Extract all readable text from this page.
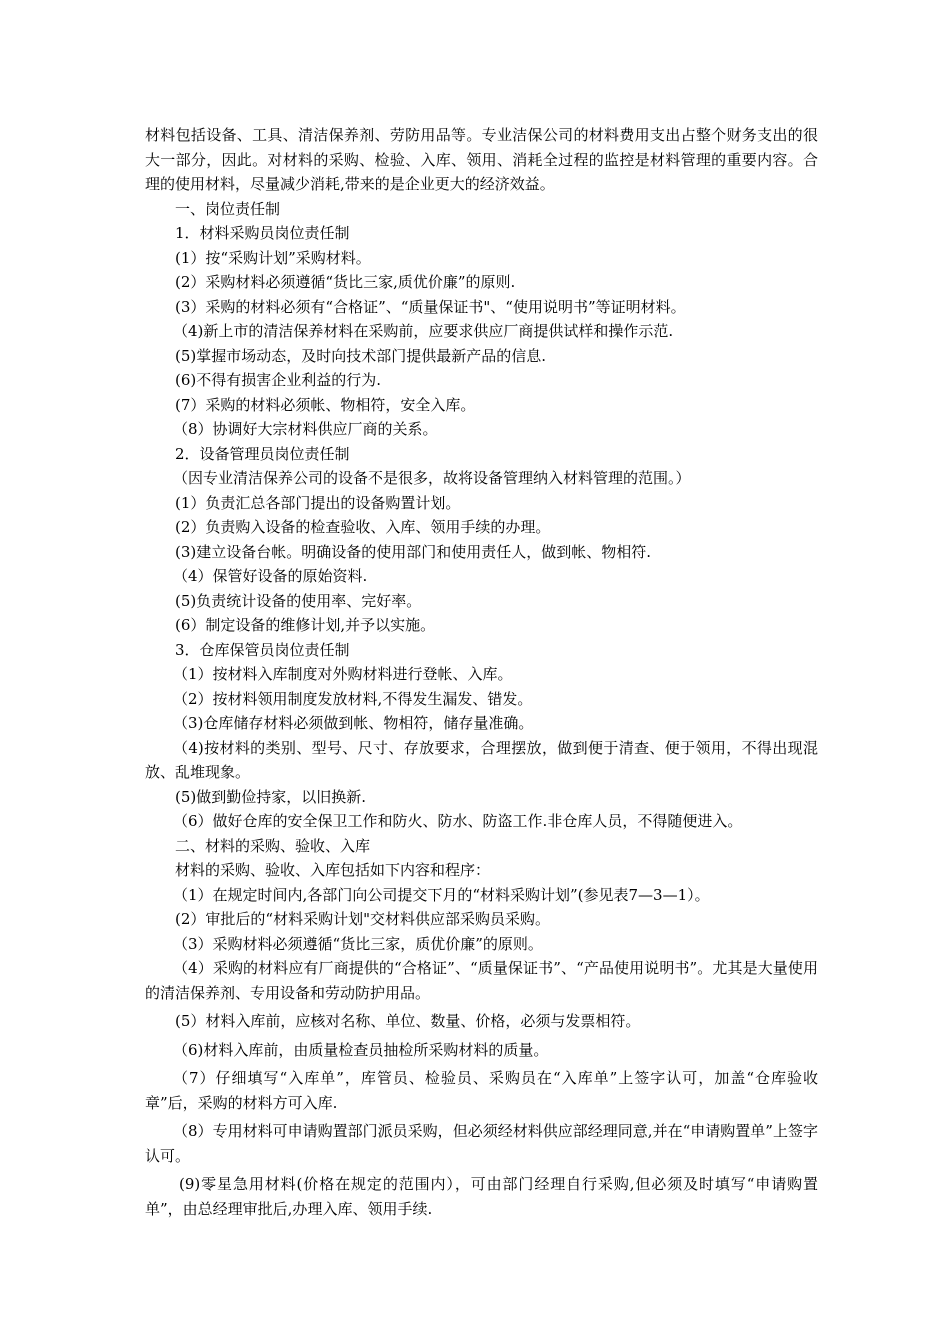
材料包括设备、工具、清洁保养剂、劳防用品等。专业洁保公司的材料费用支出占整个财务支出的很大一部分，因此。对材料的采购、检验、入库、领用、消耗全过程的监控是材料管理的重要内容。合理的使用材料，尽量减少消耗,带来的是企业更大的经济效益。

一、岗位责任制

1．材料采购员岗位责任制

(1）按“采购计划”采购材料。

(2）采购材料必须遵循“货比三家,质优价廉”的原则.

(3）采购的材料必须有“合格证”、“质量保证书"、“使用说明书”等证明材料。

（4)新上市的清洁保养材料在采购前，应要求供应厂商提供试样和操作示范.

(5)掌握市场动态，及时向技术部门提供最新产品的信息.

(6)不得有损害企业利益的行为.

(7）采购的材料必须帐、物相符，安全入库。

（8）协调好大宗材料供应厂商的关系。

2．设备管理员岗位责任制

（因专业清洁保养公司的设备不是很多，故将设备管理纳入材料管理的范围。）

(1）负责汇总各部门提出的设备购置计划。

(2）负责购入设备的检查验收、入库、领用手续的办理。

(3)建立设备台帐。明确设备的使用部门和使用责任人，做到帐、物相符.

（4）保管好设备的原始资料.

(5)负责统计设备的使用率、完好率。

(6）制定设备的维修计划,并予以实施。

3．仓库保管员岗位责任制

（1）按材料入库制度对外购材料进行登帐、入库。

（2）按材料领用制度发放材料,不得发生漏发、错发。

（3)仓库储存材料必须做到帐、物相符，储存量准确。

（4)按材料的类别、型号、尺寸、存放要求，合理摆放，做到便于清查、便于领用，不得出现混放、乱堆现象。

(5)做到勤俭持家，以旧换新.

（6）做好仓库的安全保卫工作和防火、防水、防盗工作.非仓库人员，不得随便进入。

二、材料的采购、验收、入库

材料的采购、验收、入库包括如下内容和程序：

（1）在规定时间内,各部门向公司提交下月的“材料采购计划”(参见表7—3—1）。

(2）审批后的“材料采购计划"交材料供应部采购员采购。

（3）采购材料必须遵循“货比三家，质优价廉”的原则。

（4）采购的材料应有厂商提供的“合格证”、“质量保证书”、“产品使用说明书”。尤其是大量使用的清洁保养剂、专用设备和劳动防护用品。

(5）材料入库前，应核对名称、单位、数量、价格，必须与发票相符。

（6)材料入库前，由质量检查员抽检所采购材料的质量。

（7）仔细填写“入库单”，库管员、检验员、采购员在“入库单”上签字认可，加盖“仓库验收章”后，采购的材料方可入库.

（8）专用材料可申请购置部门派员采购，但必须经材料供应部经理同意,并在“申请购置单”上签字认可。

(9)零星急用材料(价格在规定的范围内），可由部门经理自行采购,但必须及时填写“申请购置单”，由总经理审批后,办理入库、领用手续.
